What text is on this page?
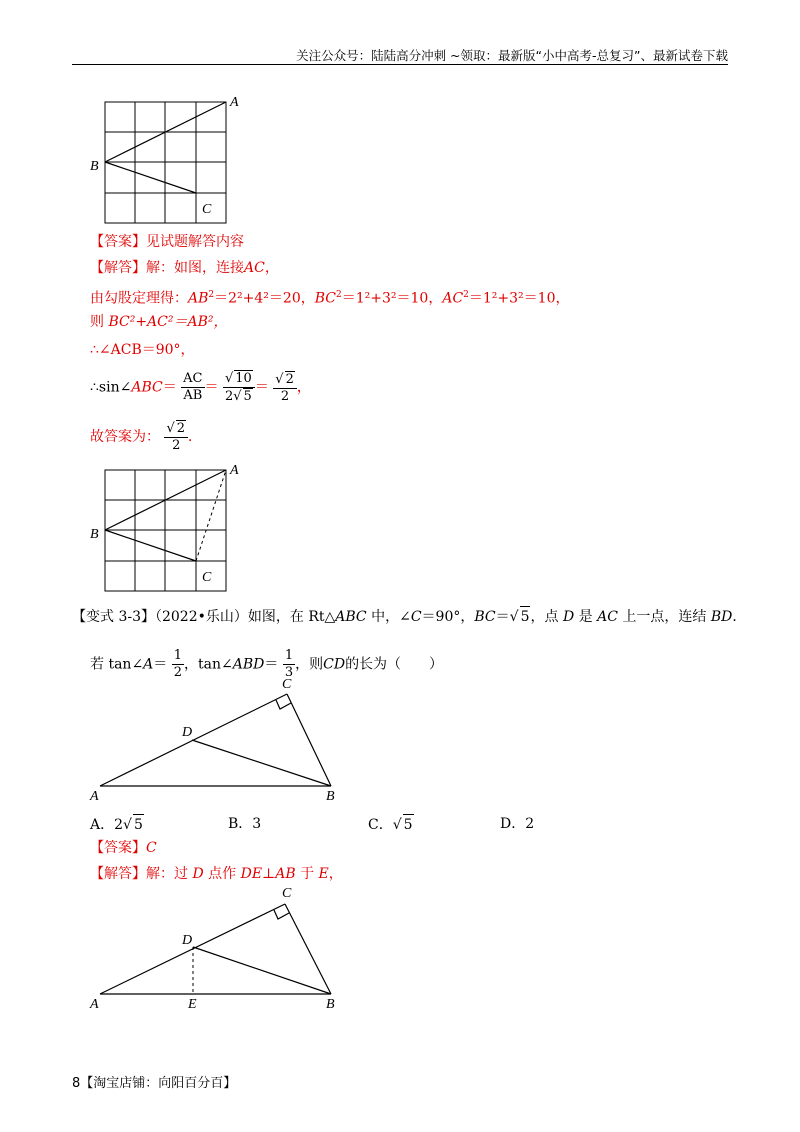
关注公众号：陆陆高分冲刺 ~领取：最新版“小中高考-总复习”、最新试卷下载
A
B
C
【答案】见试题解答内容
【解答】解：如图，连接AC，
由勾股定理得：$AB^2=2^2+4^2=20$，$BC^2=1^2+3^2=10$，$AC^2=1^2+3^2=10$，
则 BC²+AC²＝AB²，
∴∠ACB＝90°，
∴sin∠ABC＝ $\frac{AC}{AB} = \frac{√ 10}{2√ 5} = \frac{√ 2}{2}$ ，
故答案为： $\frac{√ 2}{2}$ ．
A
B
C
【变式 3-3】（2022•乐山）如图，在 Rt△ABC 中，∠C＝90°，BC＝√ 5，点 D 是 AC 上一点，连结 BD．
若 tan∠A＝ $\frac{1}{2}$ ，tan∠ABD＝ $\frac{1}{3}$ ，则CD的长为（　　）
A	B
C
D
A．2√ 5	B．3	C．√ 5	D．2
【答案】C
【解答】解：过 D 点作 DE⊥AB 于 E，
A	B
C
D
E
8【淘宝店铺：向阳百分百】
